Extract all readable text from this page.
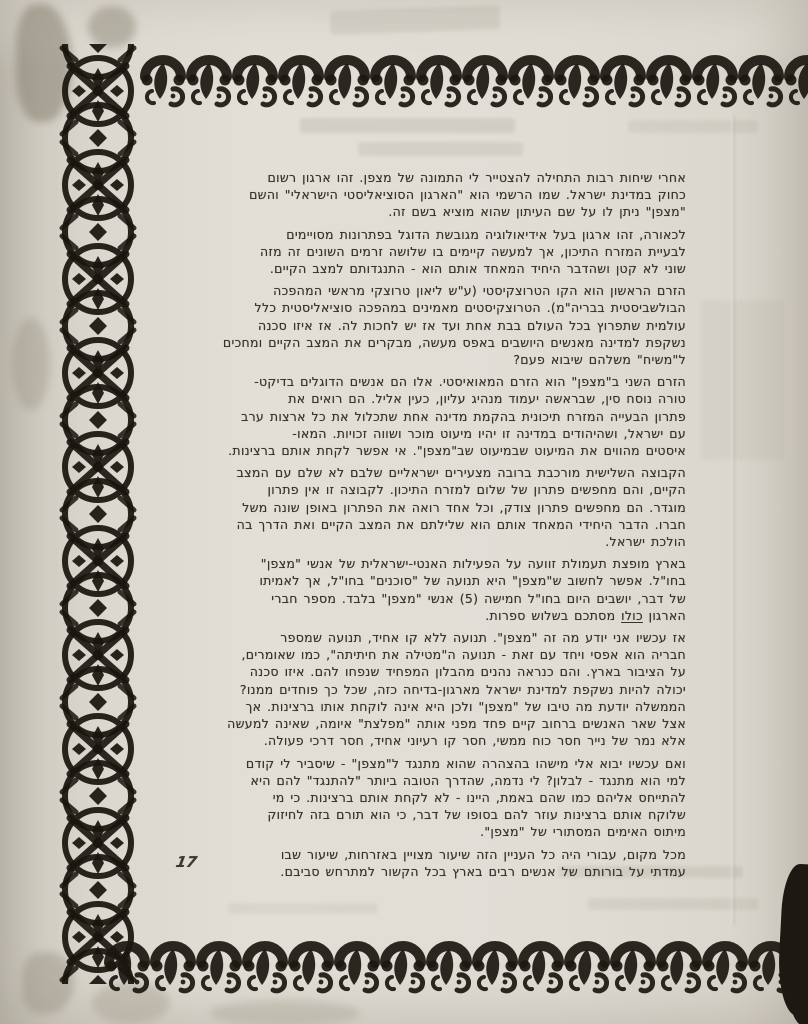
אחרי שיחות רבות התחילה להצטייר לי התמונה של מצפן. זהו ארגון רשום
כחוק במדינת ישראל. שמו הרשמי הוא "הארגון הסוציאליסטי הישראלי" והשם
"מצפן" ניתן לו על שם העיתון שהוא מוציא בשם זה.
לכאורה, זהו ארגון בעל אידיאולוגיה מגובשת הדוגל בפתרונות מסויימים
לבעיית המזרח התיכון, אך למעשה קיימים בו שלושה זרמים השונים זה מזה
שוני לא קטן ושהדבר היחיד המאחד אותם הוא - התנגדותם למצב הקיים.
הזרם הראשון הוא הקו הטרוצקיסטי (ע"ש ליאון טרוצקי מראשי המהפכה
הבולשביסטית בבריה"מ). הטרוצקיסטים מאמינים במהפכה סוציאליסטית כלל
עולמית שתפרוץ בכל העולם בבת אחת ועד אז יש לחכות לה. אז איזו סכנה
נשקפת למדינה מאנשים היושבים באפס מעשה, מבקרים את המצב הקיים ומחכים
ל"משיח" משלהם שיבוא פעם?
הזרם השני ב"מצפן" הוא הזרם המאואיסטי. אלו הם אנשים הדוגלים בדיקט-
טורה נוסח סין, שבראשה יעמוד מנהיג עליון, כעין אליל. הם רואים את
פתרון הבעייה המזרח תיכונית בהקמת מדינה אחת שתכלול את כל ארצות ערב
עם ישראל, ושהיהודים במדינה זו יהיו מיעוט מוכר ושווה זכויות. המאו-
איסטים מהווים את המיעוט שבמיעוט שב"מצפן". אי אפשר לקחת אותם ברצינות.
הקבוצה השלישית מורכבת ברובה מצעירים ישראליים שלבם לא שלם עם המצב
הקיים, והם מחפשים פתרון של שלום למזרח התיכון. לקבוצה זו אין פתרון
מוגדר. הם מחפשים פתרון צודק, וכל אחד רואה את הפתרון באופן שונה משל
חברו. הדבר היחידי המאחד אותם הוא שלילתם את המצב הקיים ואת הדרך בה
הולכת ישראל.
בארץ מופצת תעמולת זוועה על הפעילות האנטי-ישראלית של אנשי "מצפן"
בחו"ל. אפשר לחשוב ש"מצפן" היא תנועה של "סוכנים" בחו"ל, אך לאמיתו
של דבר, יושבים היום בחו"ל חמישה (5) אנשי "מצפן" בלבד. מספר חברי
הארגון כולו מסתכם בשלוש ספרות.
אז עכשיו אני יודע מה זה "מצפן". תנועה ללא קו אחיד, תנועה שמספר
חבריה הוא אפסי ויחד עם זאת - תנועה ה"מטילה את חיתיתה", כמו שאומרים,
על הציבור בארץ. והם כנראה נהנים מהבלון המפחיד שנפחו להם. איזו סכנה
יכולה להיות נשקפת למדינת ישראל מארגון-בדיחה כזה, שכל כך פוחדים ממנו?
הממשלה יודעת מה טיבו של "מצפן" ולכן היא אינה לוקחת אותו ברצינות. אך
אצל שאר האנשים ברחוב קיים פחד מפני אותה "מפלצת" איומה, שאינה למעשה
אלא נמר של נייר חסר כוח ממשי, חסר קו רעיוני אחיד, חסר דרכי פעולה.
ואם עכשיו יבוא אלי מישהו בהצהרה שהוא מתנגד ל"מצפן" - שיסביר לי קודם
למי הוא מתנגד - לבלון? לי נדמה, שהדרך הטובה ביותר "להתנגד" להם היא
להתייחס אליהם כמו שהם באמת, היינו - לא לקחת אותם ברצינות. כי מי
שלוקח אותם ברצינות עוזר להם בסופו של דבר, כי הוא תורם בזה לחיזוק
מיתוס האימים המסתורי של "מצפן".
מכל מקום, עבורי היה כל העניין הזה שיעור מצויין באזרחות, שיעור שבו
עמדתי על בורותם של אנשים רבים בארץ בכל הקשור למתרחש סביבם.
17
